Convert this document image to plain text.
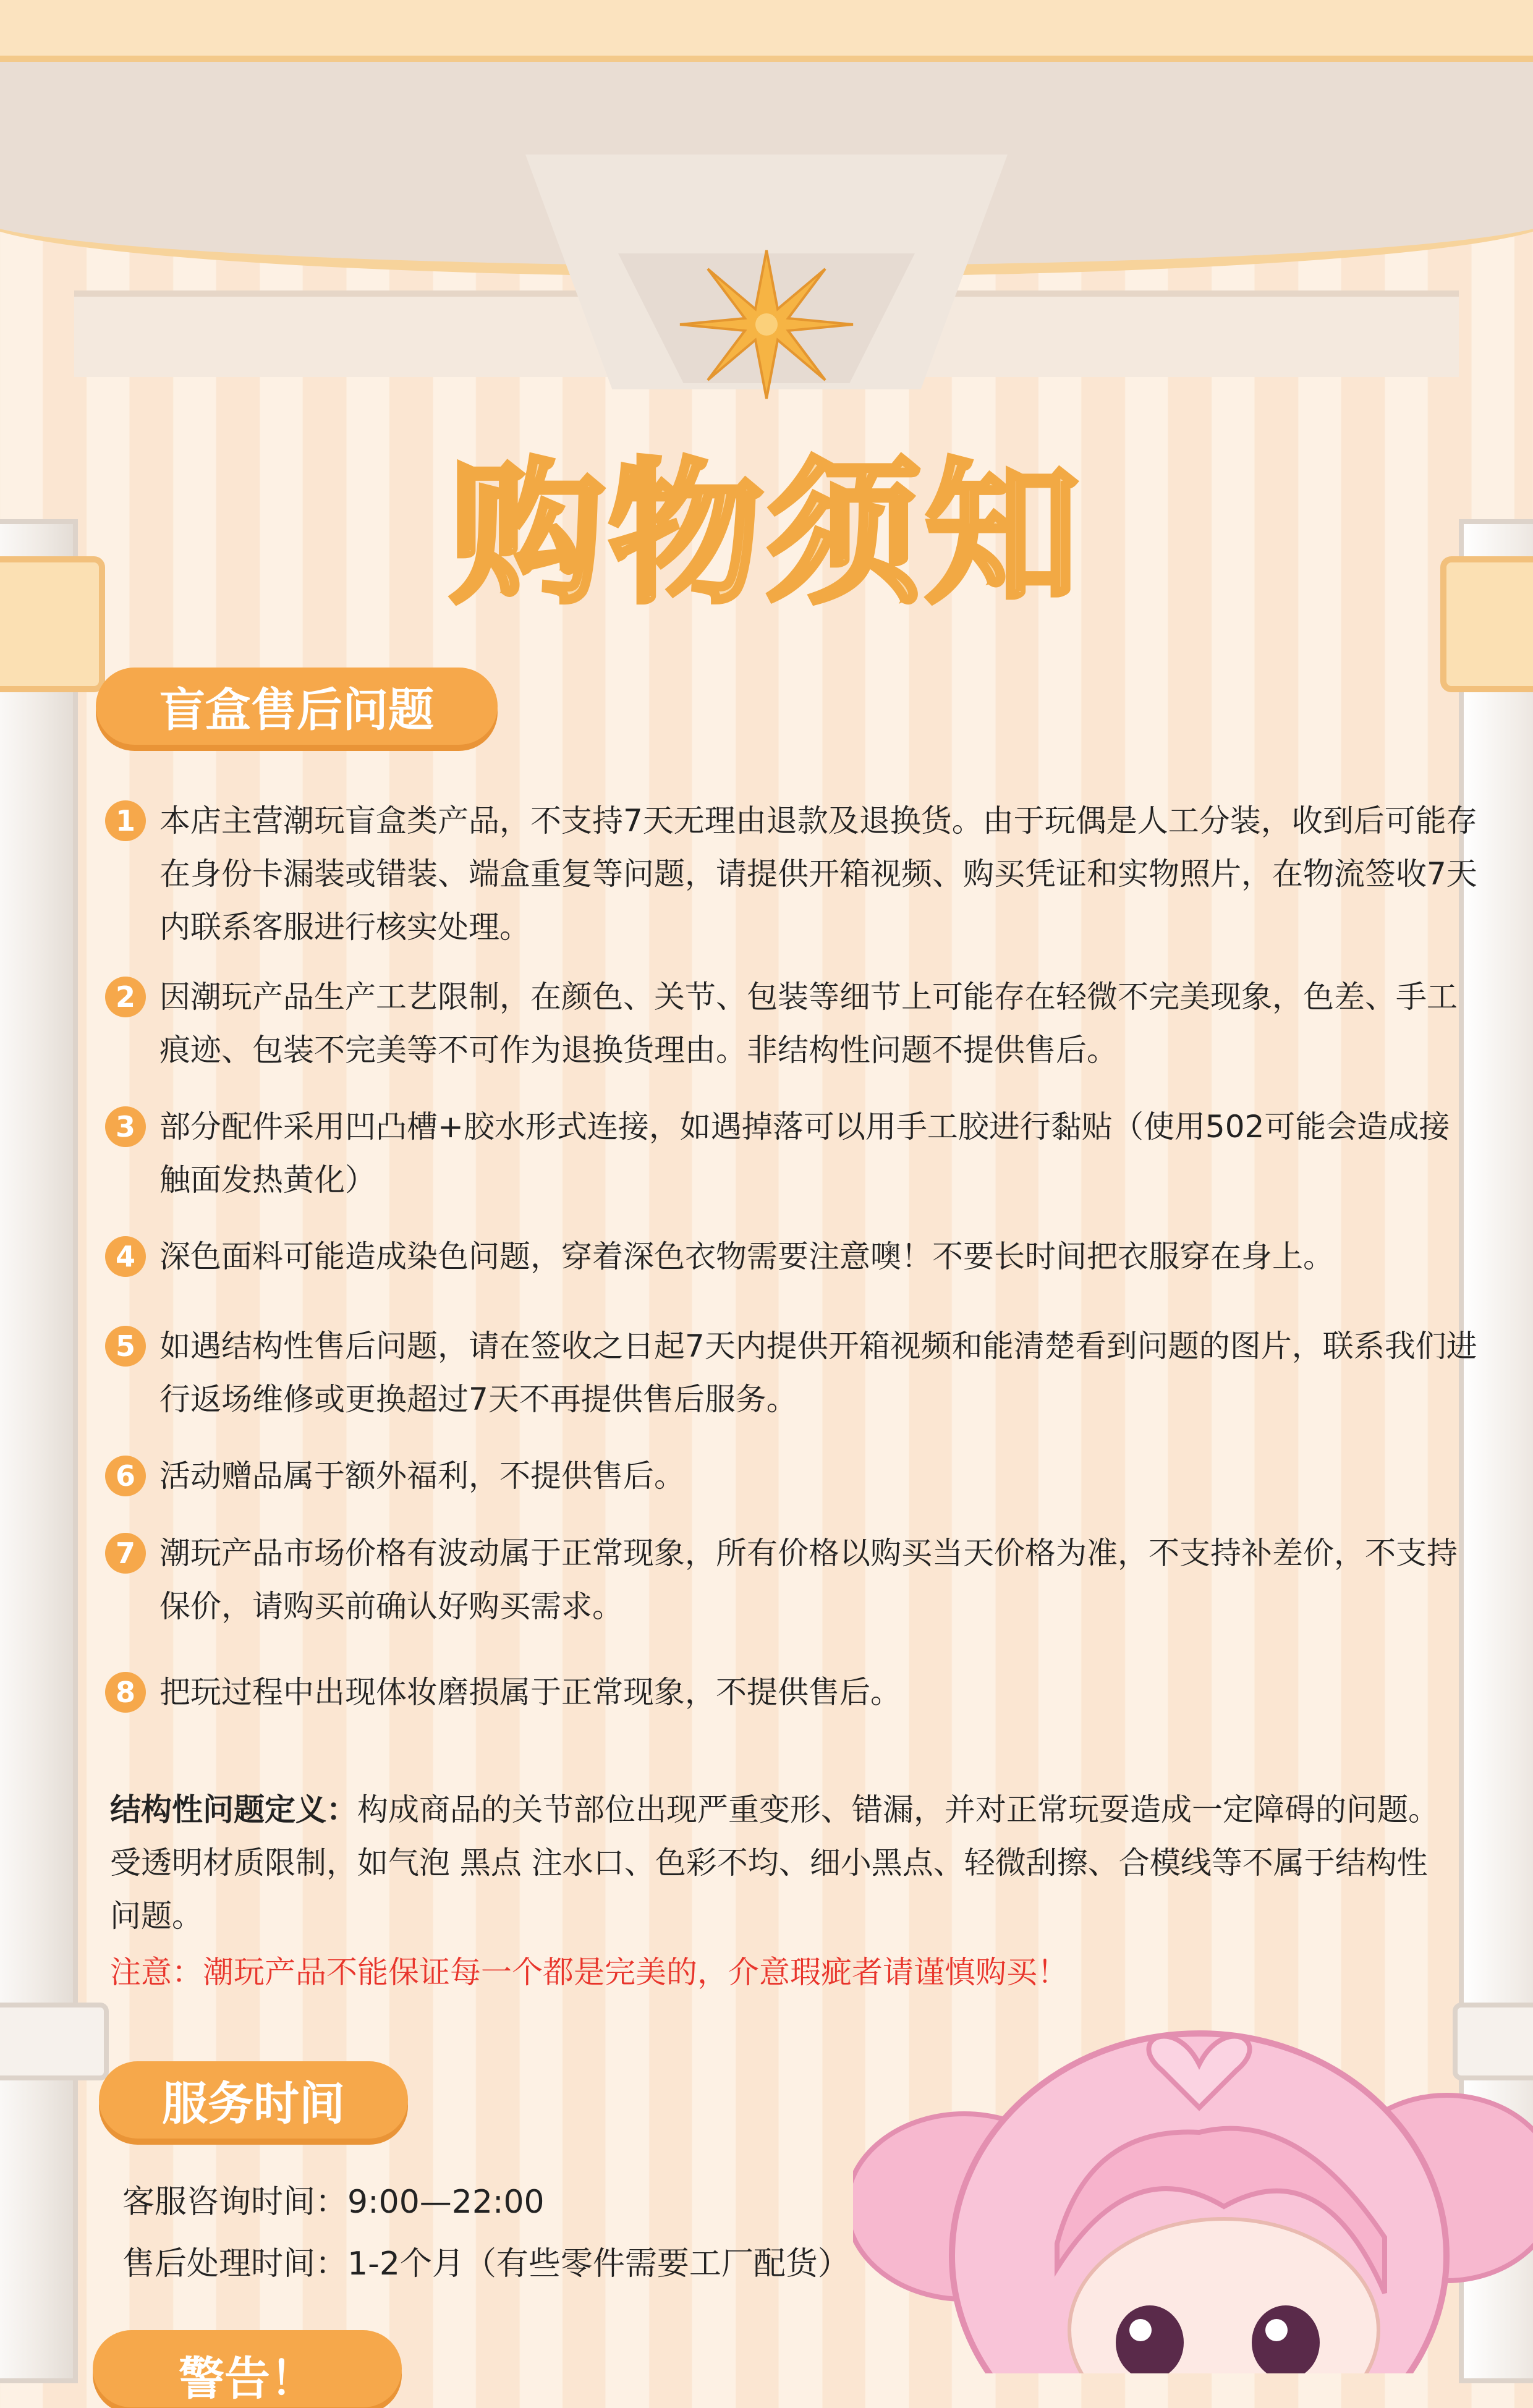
购物须知
盲盒售后问题
1 本店主营潮玩盲盒类产品，不支持7天无理由退款及退换货。由于玩偶是人工分装，收到后可能存在身份卡漏装或错装、端盒重复等问题，请提供开箱视频、购买凭证和实物照片，在物流签收7天内联系客服进行核实处理。
2 因潮玩产品生产工艺限制，在颜色、关节、包装等细节上可能存在轻微不完美现象，色差、手工痕迹、包装不完美等不可作为退换货理由。非结构性问题不提供售后。
3 部分配件采用凹凸槽+胶水形式连接，如遇掉落可以用手工胶进行黏贴（使用502可能会造成接触面发热黄化）
4 深色面料可能造成染色问题，穿着深色衣物需要注意噢！不要长时间把衣服穿在身上。
5 如遇结构性售后问题，请在签收之日起7天内提供开箱视频和能清楚看到问题的图片，联系我们进行返场维修或更换超过7天不再提供售后服务。
6 活动赠品属于额外福利，不提供售后。
7 潮玩产品市场价格有波动属于正常现象，所有价格以购买当天价格为准，不支持补差价，不支持保价，请购买前确认好购买需求。
8 把玩过程中出现体妆磨损属于正常现象，不提供售后。
结构性问题定义：构成商品的关节部位出现严重变形、错漏，并对正常玩耍造成一定障碍的问题。受透明材质限制，如气泡 黑点 注水口、色彩不均、细小黑点、轻微刮擦、合模线等不属于结构性问题。
注意：潮玩产品不能保证每一个都是完美的，介意瑕疵者请谨慎购买！
服务时间
客服咨询时间：9:00—22:00
售后处理时间：1-2个月（有些零件需要工厂配货）
警告！
